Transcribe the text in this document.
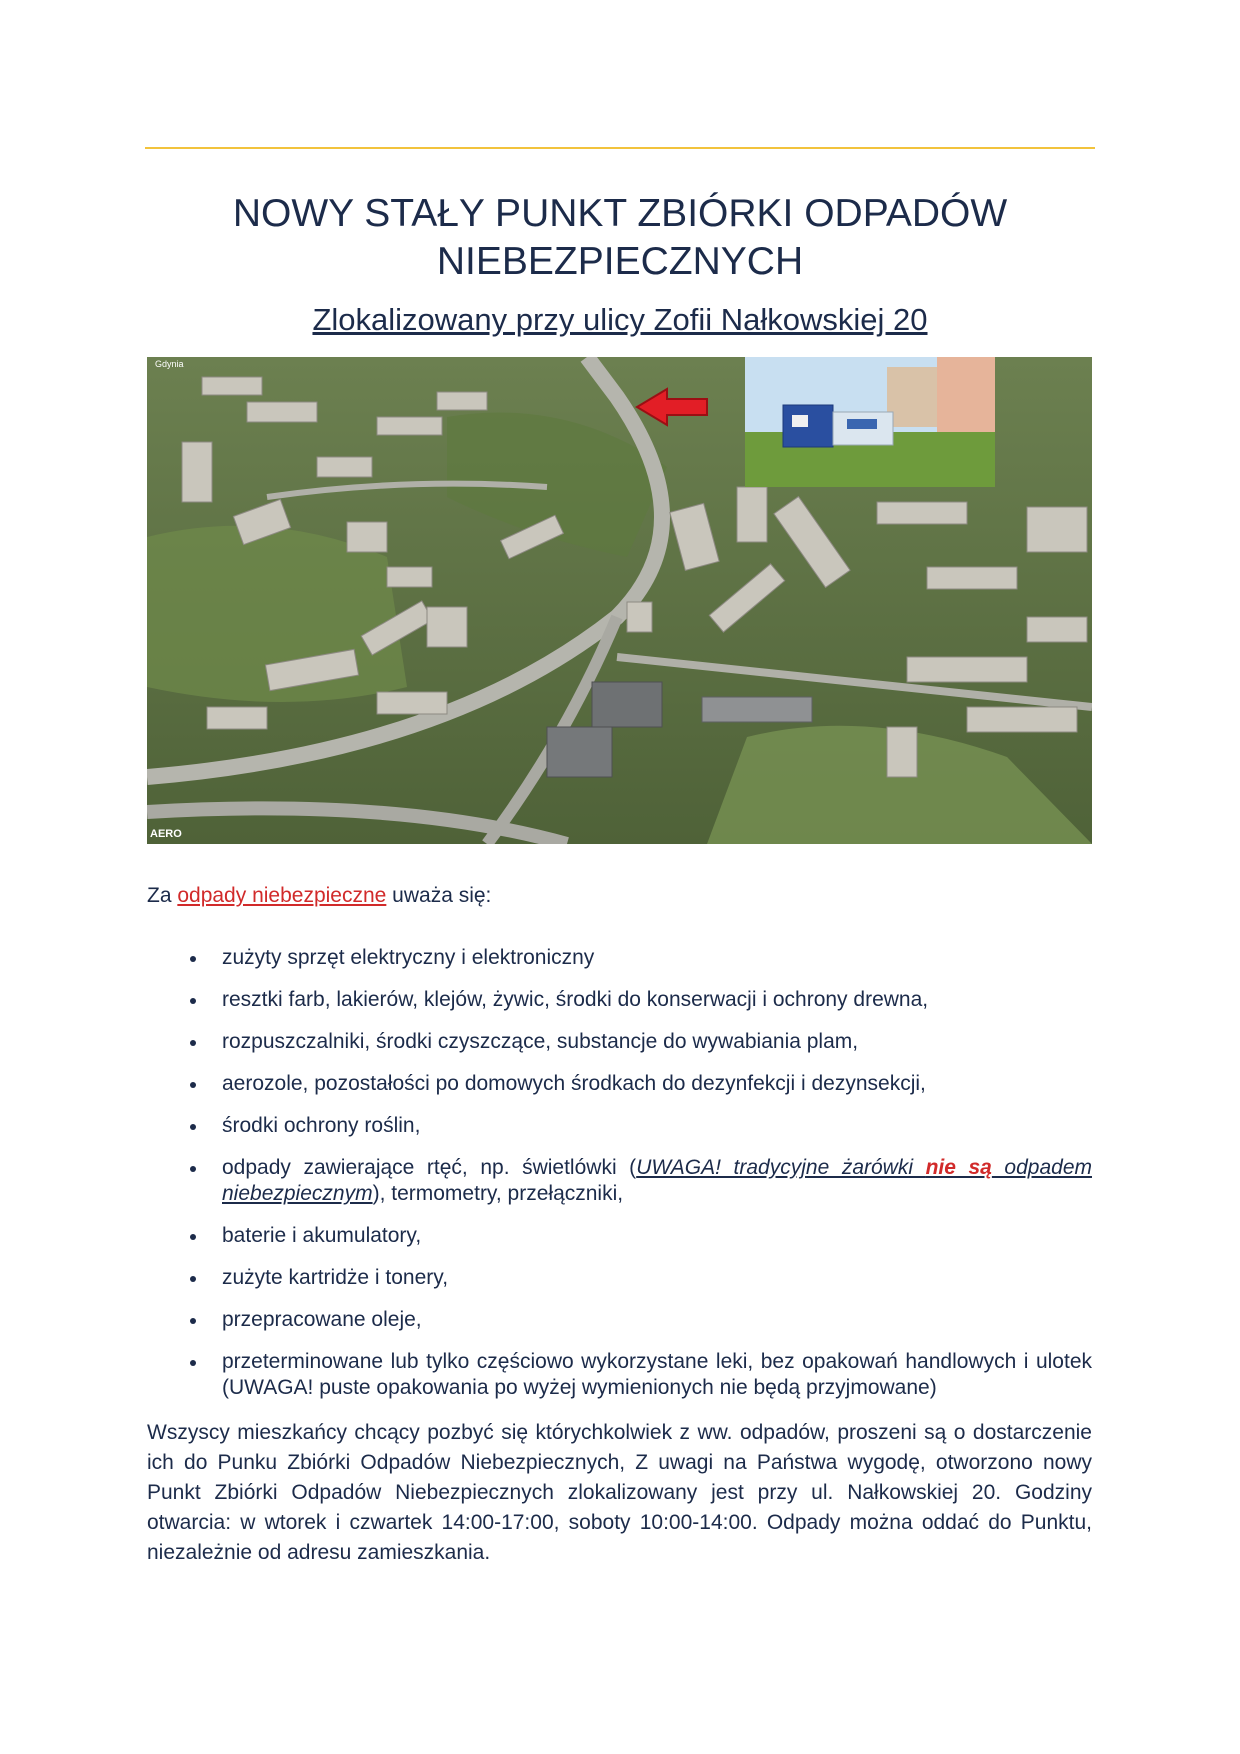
NOWY STAŁY PUNKT ZBIÓRKI ODPADÓW
NIEBEZPIECZNYCH
Zlokalizowany przy ulicy Zofii Nałkowskiej 20
Gdynia
AERO
Za odpady niebezpieczne uważa się:
zużyty sprzęt elektryczny i elektroniczny
resztki farb, lakierów, klejów, żywic, środki do konserwacji i ochrony drewna,
rozpuszczalniki, środki czyszczące, substancje do wywabiania plam,
aerozole, pozostałości po domowych środkach do dezynfekcji i dezynsekcji,
środki ochrony roślin,
odpady zawierające rtęć, np. świetlówki (UWAGA! tradycyjne żarówki nie są odpadem niebezpiecznym), termometry, przełączniki,
baterie i akumulatory,
zużyte kartridże i tonery,
przepracowane oleje,
przeterminowane lub tylko częściowo wykorzystane leki, bez opakowań handlowych i ulotek (UWAGA! puste opakowania po wyżej wymienionych nie będą przyjmowane)

Wszyscy mieszkańcy chcący pozbyć się którychkolwiek z ww. odpadów, proszeni są o dostarczenie ich do Punku Zbiórki Odpadów Niebezpiecznych, Z uwagi na Państwa wygodę, otworzono nowy Punkt Zbiórki Odpadów Niebezpiecznych zlokalizowany jest przy ul. Nałkowskiej 20. Godziny otwarcia: w wtorek i czwartek 14:00-17:00, soboty 10:00-14:00. Odpady można oddać do Punktu, niezależnie od adresu zamieszkania.
